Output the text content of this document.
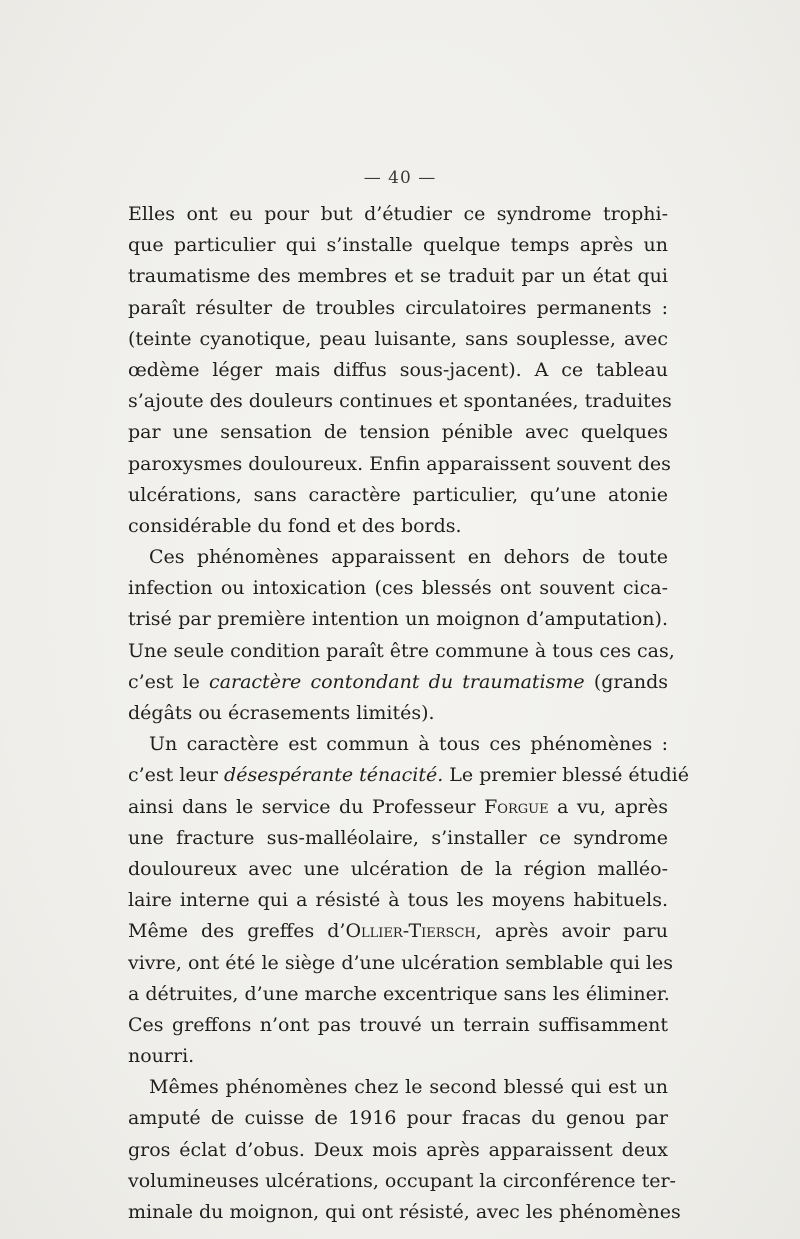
— 40 —
Elles ont eu pour but d’étudier ce syndrome trophi-
que particulier qui s’installe quelque temps après un
traumatisme des membres et se traduit par un état qui
paraît résulter de troubles circulatoires permanents :
(teinte cyanotique, peau luisante, sans souplesse, avec
œdème léger mais diffus sous-jacent). A ce tableau
s’ajoute des douleurs continues et spontanées, traduites
par une sensation de tension pénible avec quelques
paroxysmes douloureux. Enfin apparaissent souvent des
ulcérations, sans caractère particulier, qu’une atonie
considérable du fond et des bords.
Ces phénomènes apparaissent en dehors de toute
infection ou intoxication (ces blessés ont souvent cica-
trisé par première intention un moignon d’amputation).
Une seule condition paraît être commune à tous ces cas,
c’est le caractère contondant du traumatisme (grands
dégâts ou écrasements limités).
Un caractère est commun à tous ces phénomènes :
c’est leur désespérante ténacité. Le premier blessé étudié
ainsi dans le service du Professeur Forgue a vu, après
une fracture sus-malléolaire, s’installer ce syndrome
douloureux avec une ulcération de la région malléo-
laire interne qui a résisté à tous les moyens habituels.
Même des greffes d’Ollier-Tiersch, après avoir paru
vivre, ont été le siège d’une ulcération semblable qui les
a détruites, d’une marche excentrique sans les éliminer.
Ces greffons n’ont pas trouvé un terrain suffisamment
nourri.
Mêmes phénomènes chez le second blessé qui est un
amputé de cuisse de 1916 pour fracas du genou par
gros éclat d’obus. Deux mois après apparaissent deux
volumineuses ulcérations, occupant la circonférence ter-
minale du moignon, qui ont résisté, avec les phénomènes
